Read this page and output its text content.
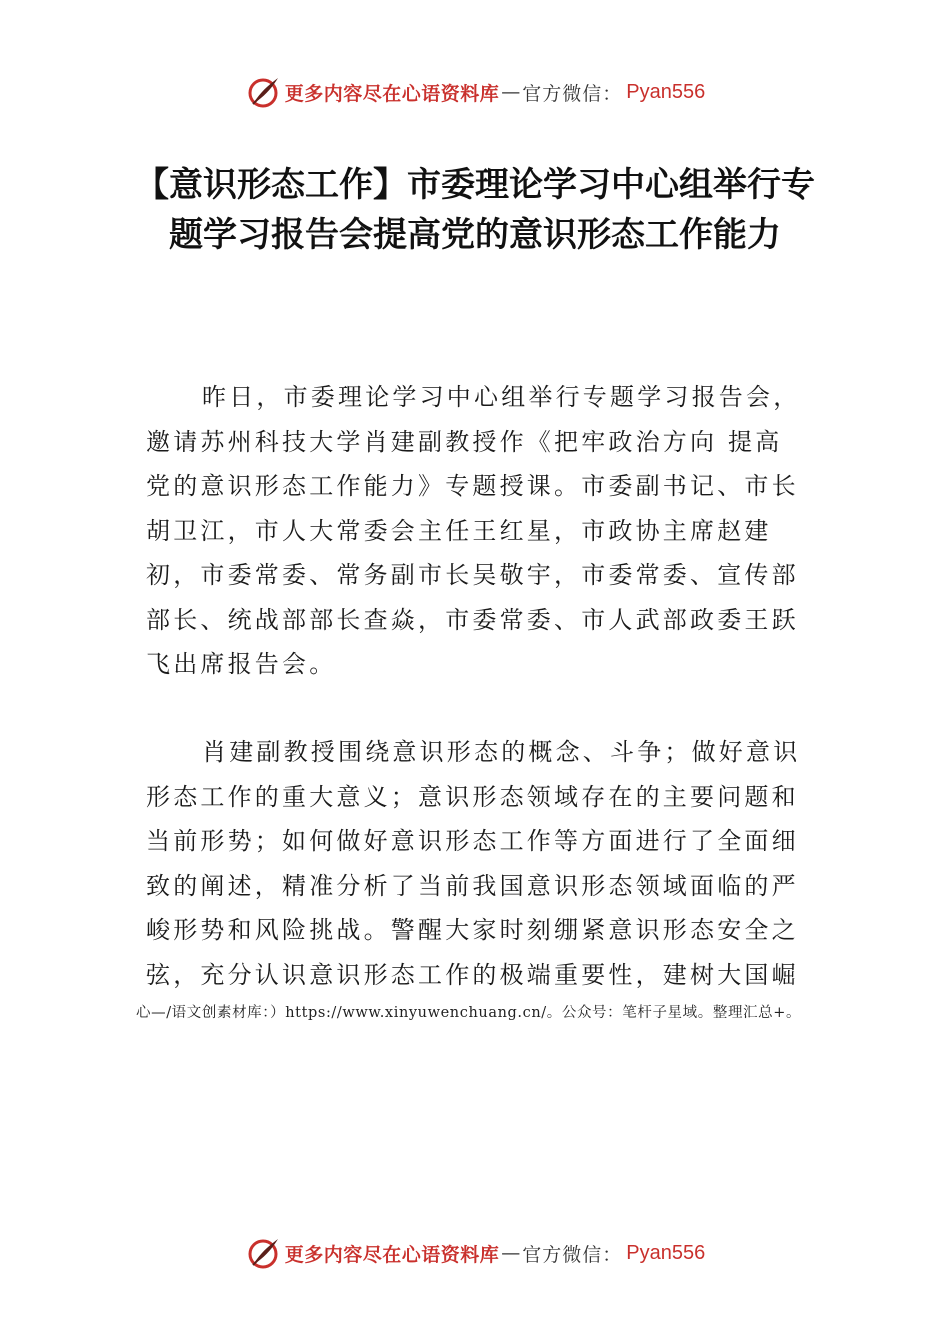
更多内容尽在心语资料库 — 官方微信： Pyan556
【意识形态工作】市委理论学习中心组举行专题学习报告会提高党的意识形态工作能力

昨日，市委理论学习中心组举行专题学习报告会，邀请苏州科技大学肖建副教授作《把牢政治方向 提高党的意识形态工作能力》专题授课。市委副书记、市长胡卫江，市人大常委会主任王红星，市政协主席赵建初，市委常委、常务副市长吴敬宇，市委常委、宣传部部长、统战部部长查焱，市委常委、市人武部政委王跃飞出席报告会。

肖建副教授围绕意识形态的概念、斗争；做好意识形态工作的重大意义；意识形态领域存在的主要问题和当前形势；如何做好意识形态工作等方面进行了全面细致的阐述，精准分析了当前我国意识形态领域面临的严峻形势和风险挑战。警醒大家时刻绷紧意识形态安全之弦，充分认识意识形态工作的极端重要性，建树大国崛

心—/语文创素材库：）https://www.xinyuwenchuang.cn/。公众号：笔杆子星域。整理汇总+。
更多内容尽在心语资料库 — 官方微信： Pyan556
